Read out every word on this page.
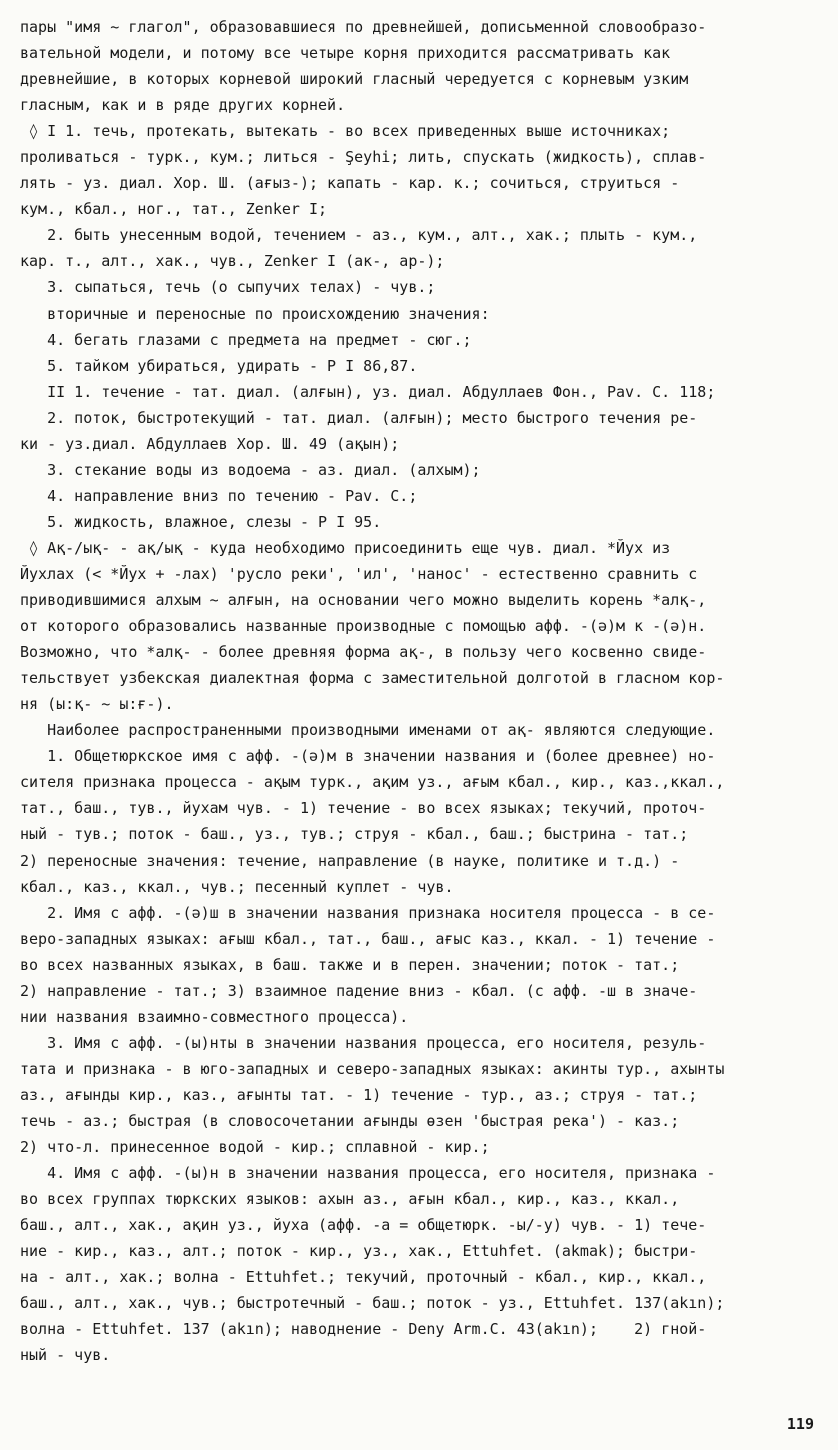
пары "имя ~ глагол", образовавшиеся по древнейшей, дописьменной словообразо-
вательной модели, и потому все четыре корня приходится рассматривать как
древнейшие, в которых корневой широкий гласный чередуется с корневым узким
гласным, как и в ряде других корней.
◊ I 1. течь, протекать, вытекать - во всех приведенных выше источниках;
проливаться - турк., кум.; литься - Şeyhi; лить, спускать (жидкость), сплав-
лять - уз. диал. Хор. Ш. (ағыз-); капать - кар. к.; сочиться, струиться -
кум., кбал., ног., тат., Zenker I;
2. быть унесенным водой, течением - аз., кум., алт., хак.; плыть - кум.,
кар. т., алт., хак., чув., Zenker I (ак-, ар-);
3. сыпаться, течь (о сыпучих телах) - чув.;
вторичные и переносные по происхождению значения:
4. бегать глазами с предмета на предмет - сюг.;
5. тайком убираться, удирать - P I 86,87.
II 1. течение - тат. диал. (алғын), уз. диал. Абдуллаев Фон., Pav. C. 118;
2. поток, быстротекущий - тат. диал. (алғын); место быстрого течения ре-
ки - уз.диал. Абдуллаев Хор. Ш. 49 (ақын);
3. стекание воды из водоема - аз. диал. (алхым);
4. направление вниз по течению - Pav. C.;
5. жидкость, влажное, слезы - P I 95.
◊ Ақ-/ық- - ақ/ық - куда необходимо присоединить еще чув. диал. *Йух из
Йухлах (< *Йух + -лах) 'русло реки', 'ил', 'нанос' - естественно сравнить с
приводившимися алхым ~ алғын, на основании чего можно выделить корень *алқ-,
от которого образовались названные производные с помощью афф. -(ә)м к -(ә)н.
Возможно, что *алқ- - более древняя форма ақ-, в пользу чего косвенно свиде-
тельствует узбекская диалектная форма с заместительной долготой в гласном кор-
ня (ы:қ- ~ ы:ғ-).
Наиболее распространенными производными именами от ақ- являются следующие.
1. Общетюркское имя с афф. -(ә)м в значении названия и (более древнее) но-
сителя признака процесса - ақым турк., ақим уз., ағым кбал., кир., каз.,ккал.,
тат., баш., тув., йухам чув. - 1) течение - во всех языках; текучий, проточ-
ный - тув.; поток - баш., уз., тув.; струя - кбал., баш.; быстрина - тат.;
2) переносные значения: течение, направление (в науке, политике и т.д.) -
кбал., каз., ккал., чув.; песенный куплет - чув.
2. Имя с афф. -(ә)ш в значении названия признака носителя процесса - в се-
веро-западных языках: ағыш кбал., тат., баш., ағыс каз., ккал. - 1) течение -
во всех названных языках, в баш. также и в перен. значении; поток - тат.;
2) направление - тат.; 3) взаимное падение вниз - кбал. (с афф. -ш в значе-
нии названия взаимно-совместного процесса).
3. Имя с афф. -(ы)нты в значении названия процесса, его носителя, резуль-
тата и признака - в юго-западных и северо-западных языках: акинты тур., ахынты
аз., ағынды кир., каз., ағынты тат. - 1) течение - тур., аз.; струя - тат.;
течь - аз.; быстрая (в словосочетании ағынды өзен 'быстрая река') - каз.;
2) что-л. принесенное водой - кир.; сплавной - кир.;
4. Имя с афф. -(ы)н в значении названия процесса, его носителя, признака -
во всех группах тюркских языков: ахын аз., ағын кбал., кир., каз., ккал.,
баш., алт., хак., ақин уз., йуха (афф. -а = общетюрк. -ы/-у) чув. - 1) тече-
ние - кир., каз., алт.; поток - кир., уз., хак., Ettuhfet. (akmak); быстри-
на - алт., хак.; волна - Ettuhfet.; текучий, проточный - кбал., кир., ккал.,
баш., алт., хак., чув.; быстротечный - баш.; поток - уз., Ettuhfet. 137(akın);
волна - Ettuhfet. 137 (akın); наводнение - Deny Arm.C. 43(akın);    2) гной-
ный - чув.
119
